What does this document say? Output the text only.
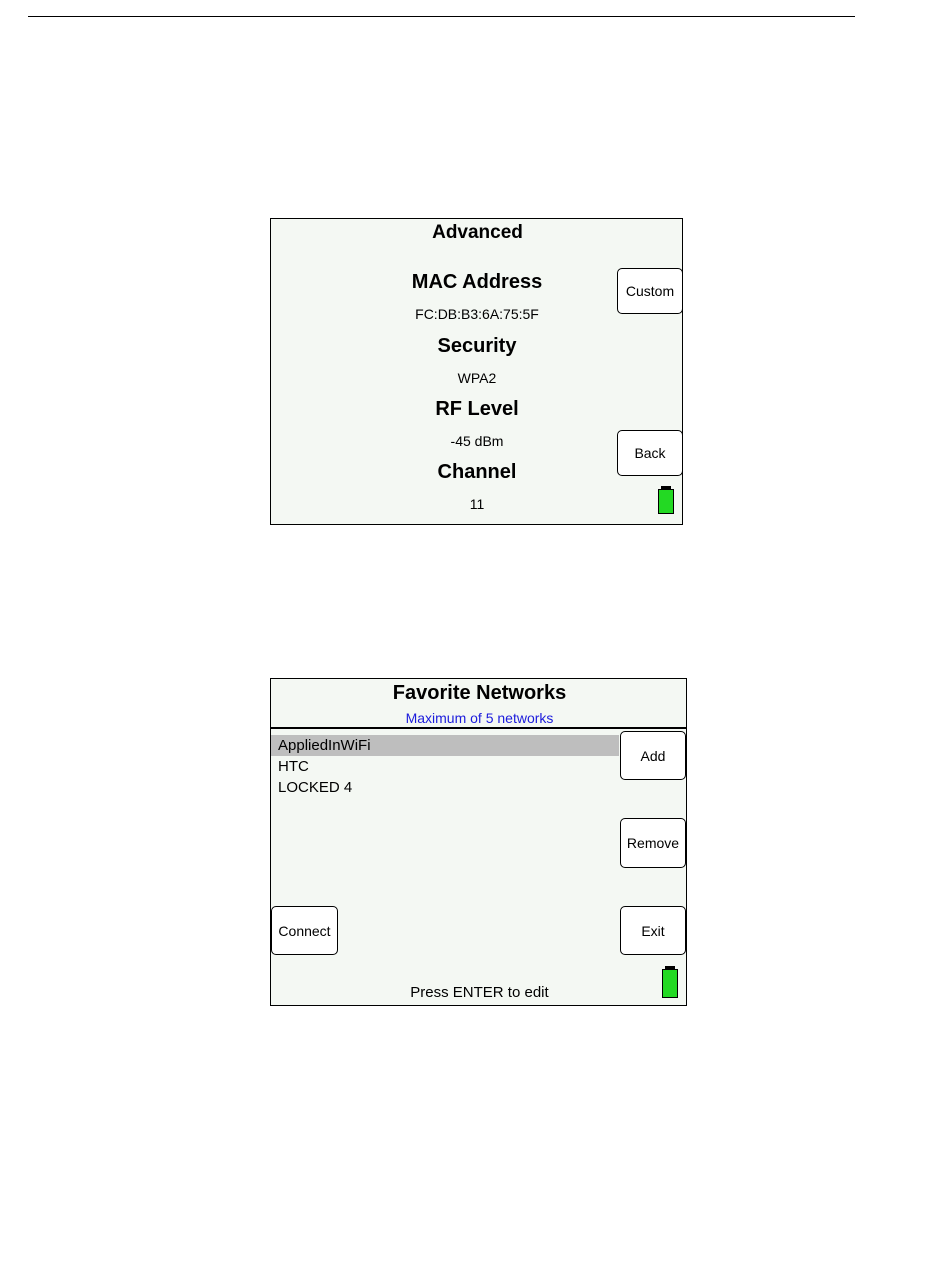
Advanced
MAC Address
FC:DB:B3:6A:75:5F
Security
WPA2
RF Level
-45 dBm
Channel
11
Custom
Back
Favorite Networks
Maximum of 5 networks
AppliedInWiFi
HTC
LOCKED 4
Add
Remove
Connect	Exit
Press ENTER to edit
